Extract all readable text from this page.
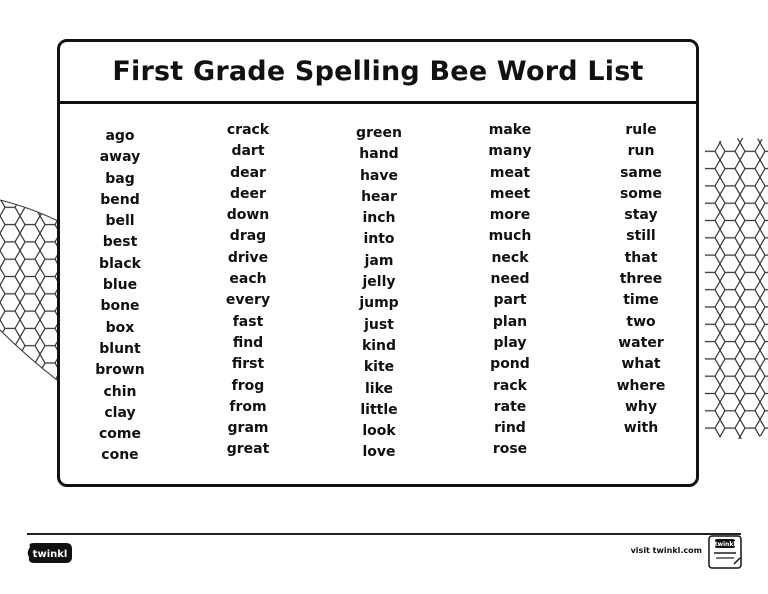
First Grade Spelling Bee Word List
ago
away
bag
bend
bell
best
black
blue
bone
box
blunt
brown
chin
clay
come
cone
crack
dart
dear
deer
down
drag
drive
each
every
fast
find
first
frog
from
gram
great
green
hand
have
hear
inch
into
jam
jelly
jump
just
kind
kite
like
little
look
love
make
many
meat
meet
more
much
neck
need
part
plan
play
pond
rack
rate
rind
rose
rule
run
same
some
stay
still
that
three
time
two
water
what
where
why
with
twinkl	visit twinkl.com
twinkl
